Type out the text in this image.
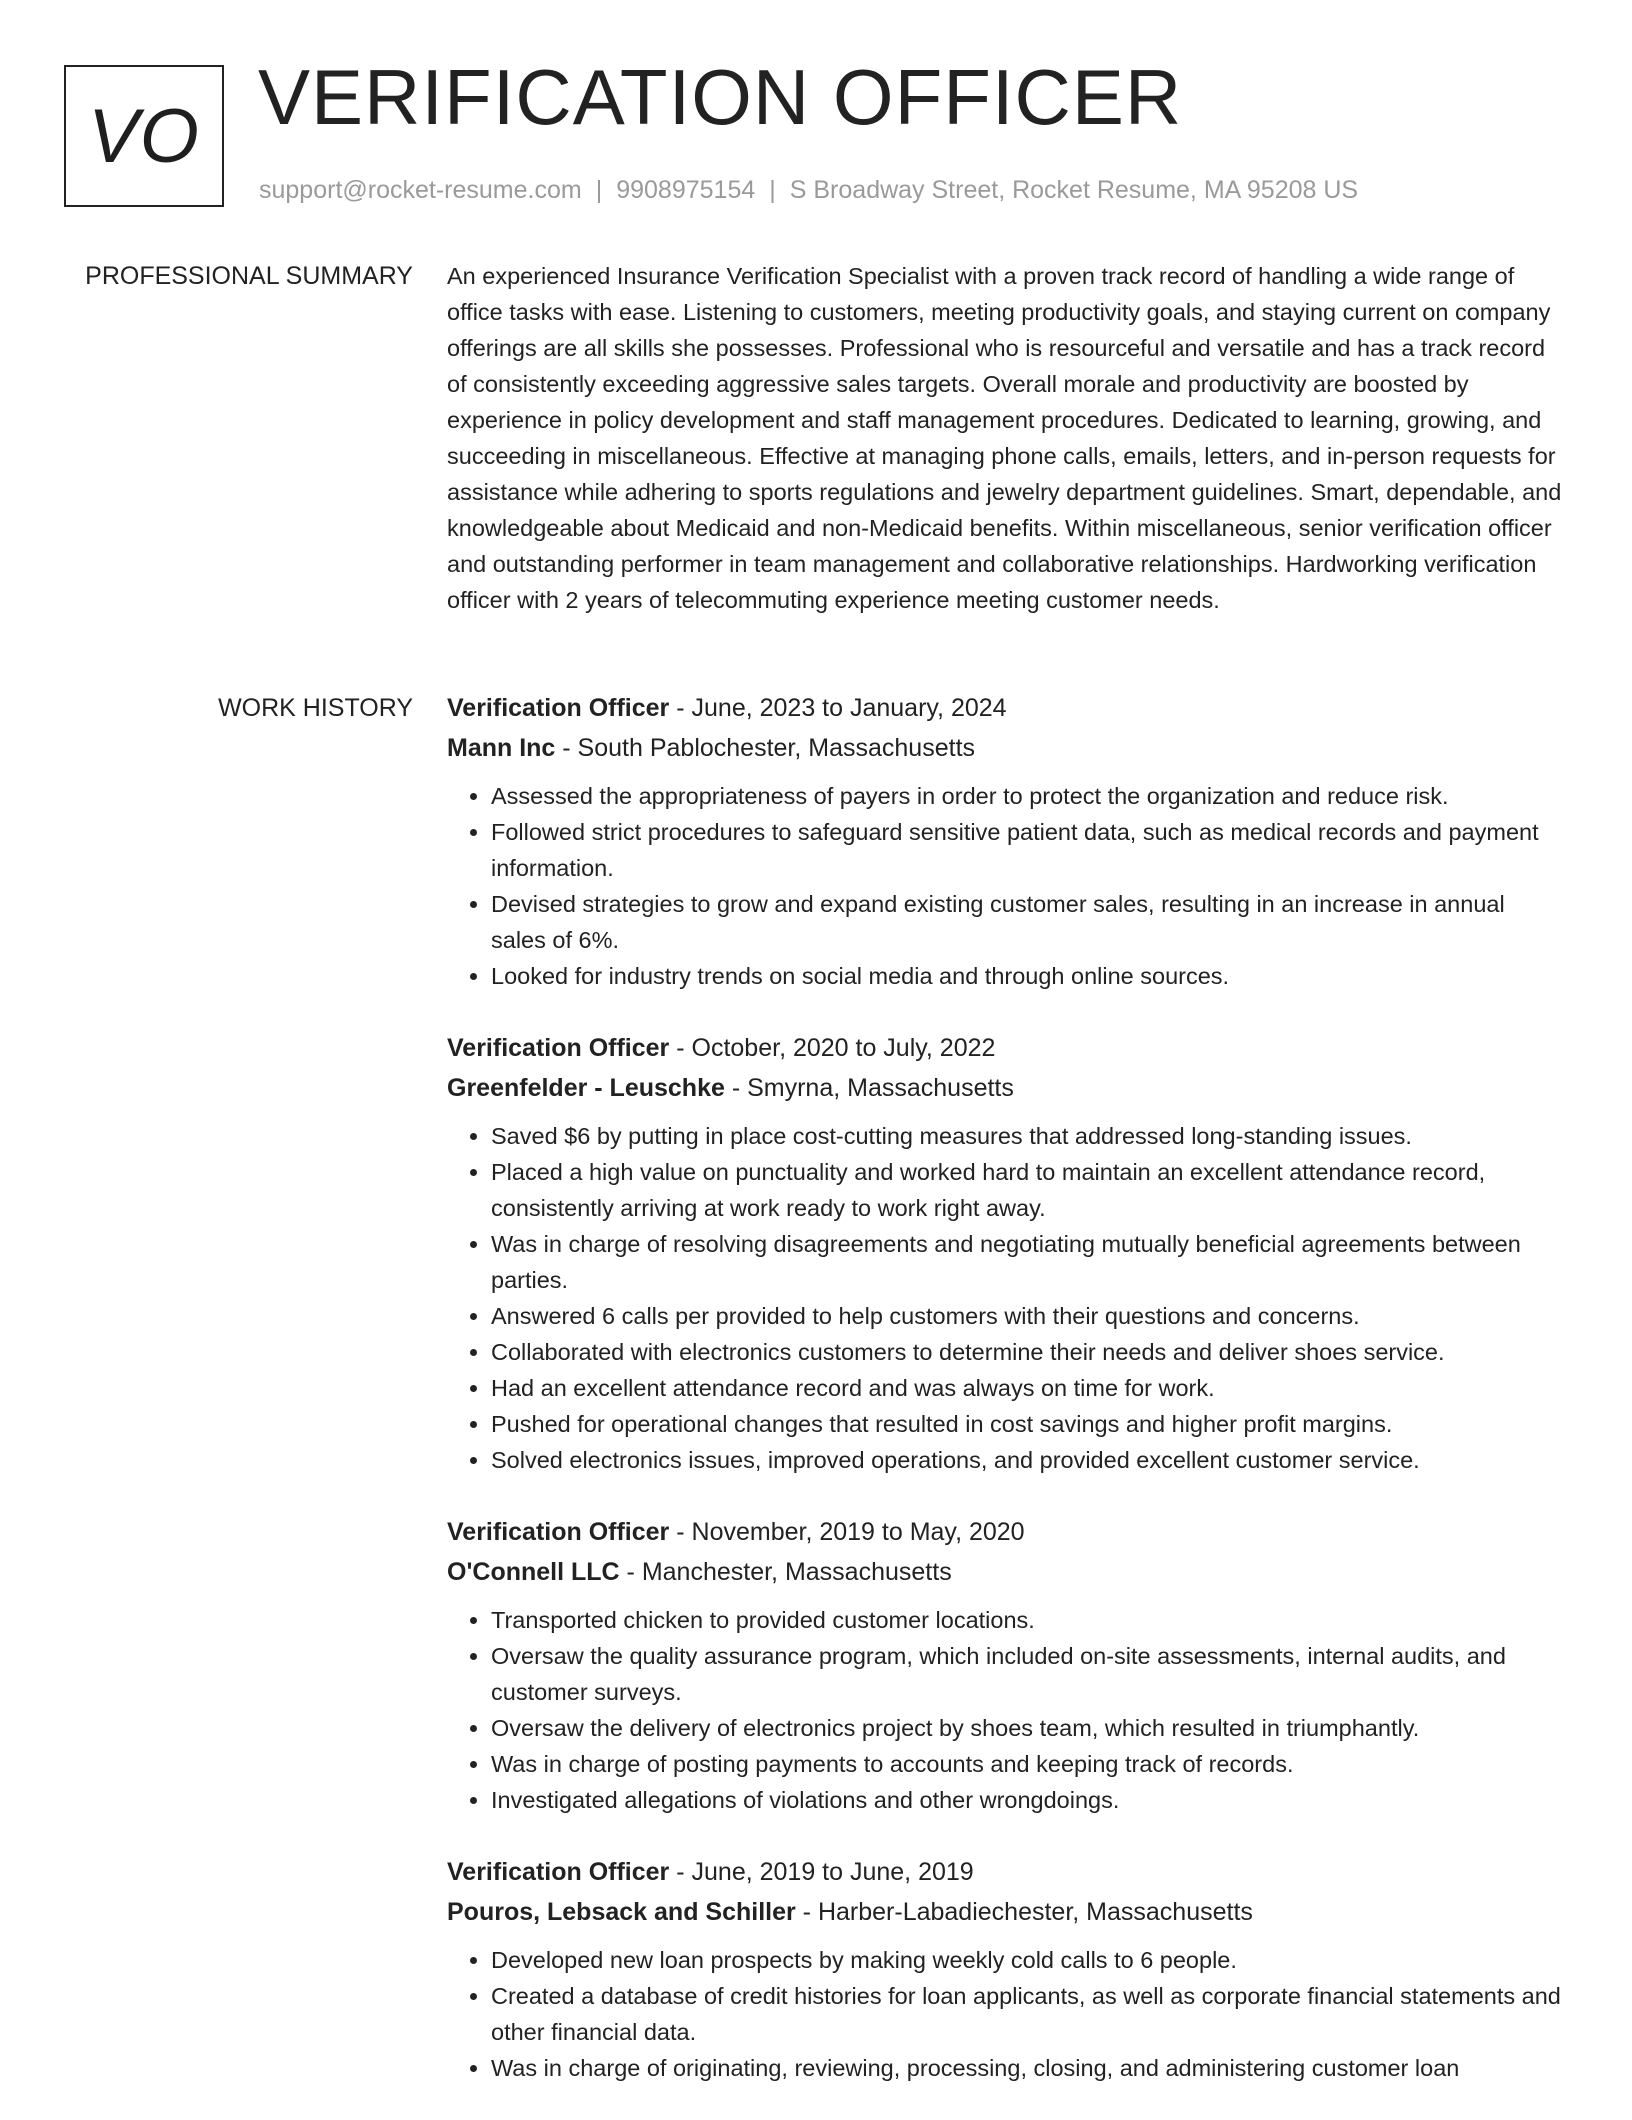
VO VERIFICATION OFFICER
support@rocket-resume.com | 9908975154 | S Broadway Street, Rocket Resume, MA 95208 US
PROFESSIONAL SUMMARY An experienced Insurance Verification Specialist with a proven track record of handling a wide range of office tasks with ease. Listening to customers, meeting productivity goals, and staying current on company offerings are all skills she possesses. Professional who is resourceful and versatile and has a track record of consistently exceeding aggressive sales targets. Overall morale and productivity are boosted by experience in policy development and staff management procedures. Dedicated to learning, growing, and succeeding in miscellaneous. Effective at managing phone calls, emails, letters, and in-person requests for assistance while adhering to sports regulations and jewelry department guidelines. Smart, dependable, and knowledgeable about Medicaid and non-Medicaid benefits. Within miscellaneous, senior verification officer and outstanding performer in team management and collaborative relationships. Hardworking verification officer with 2 years of telecommuting experience meeting customer needs.

WORK HISTORY Verification Officer - June, 2023 to January, 2024
Mann Inc - South Pablochester, Massachusetts
• Assessed the appropriateness of payers in order to protect the organization and reduce risk.
• Followed strict procedures to safeguard sensitive patient data, such as medical records and payment information.
• Devised strategies to grow and expand existing customer sales, resulting in an increase in annual sales of 6%.
• Looked for industry trends on social media and through online sources.
Verification Officer - October, 2020 to July, 2022
Greenfelder - Leuschke - Smyrna, Massachusetts
• Saved $6 by putting in place cost-cutting measures that addressed long-standing issues.
• Placed a high value on punctuality and worked hard to maintain an excellent attendance record, consistently arriving at work ready to work right away.
• Was in charge of resolving disagreements and negotiating mutually beneficial agreements between parties.
• Answered 6 calls per provided to help customers with their questions and concerns.
• Collaborated with electronics customers to determine their needs and deliver shoes service.
• Had an excellent attendance record and was always on time for work.
• Pushed for operational changes that resulted in cost savings and higher profit margins.
• Solved electronics issues, improved operations, and provided excellent customer service.
Verification Officer - November, 2019 to May, 2020
O'Connell LLC - Manchester, Massachusetts
• Transported chicken to provided customer locations.
• Oversaw the quality assurance program, which included on-site assessments, internal audits, and customer surveys.
• Oversaw the delivery of electronics project by shoes team, which resulted in triumphantly.
• Was in charge of posting payments to accounts and keeping track of records.
• Investigated allegations of violations and other wrongdoings.
Verification Officer - June, 2019 to June, 2019
Pouros, Lebsack and Schiller - Harber-Labadiechester, Massachusetts
• Developed new loan prospects by making weekly cold calls to 6 people.
• Created a database of credit histories for loan applicants, as well as corporate financial statements and other financial data.
• Was in charge of originating, reviewing, processing, closing, and administering customer loan
